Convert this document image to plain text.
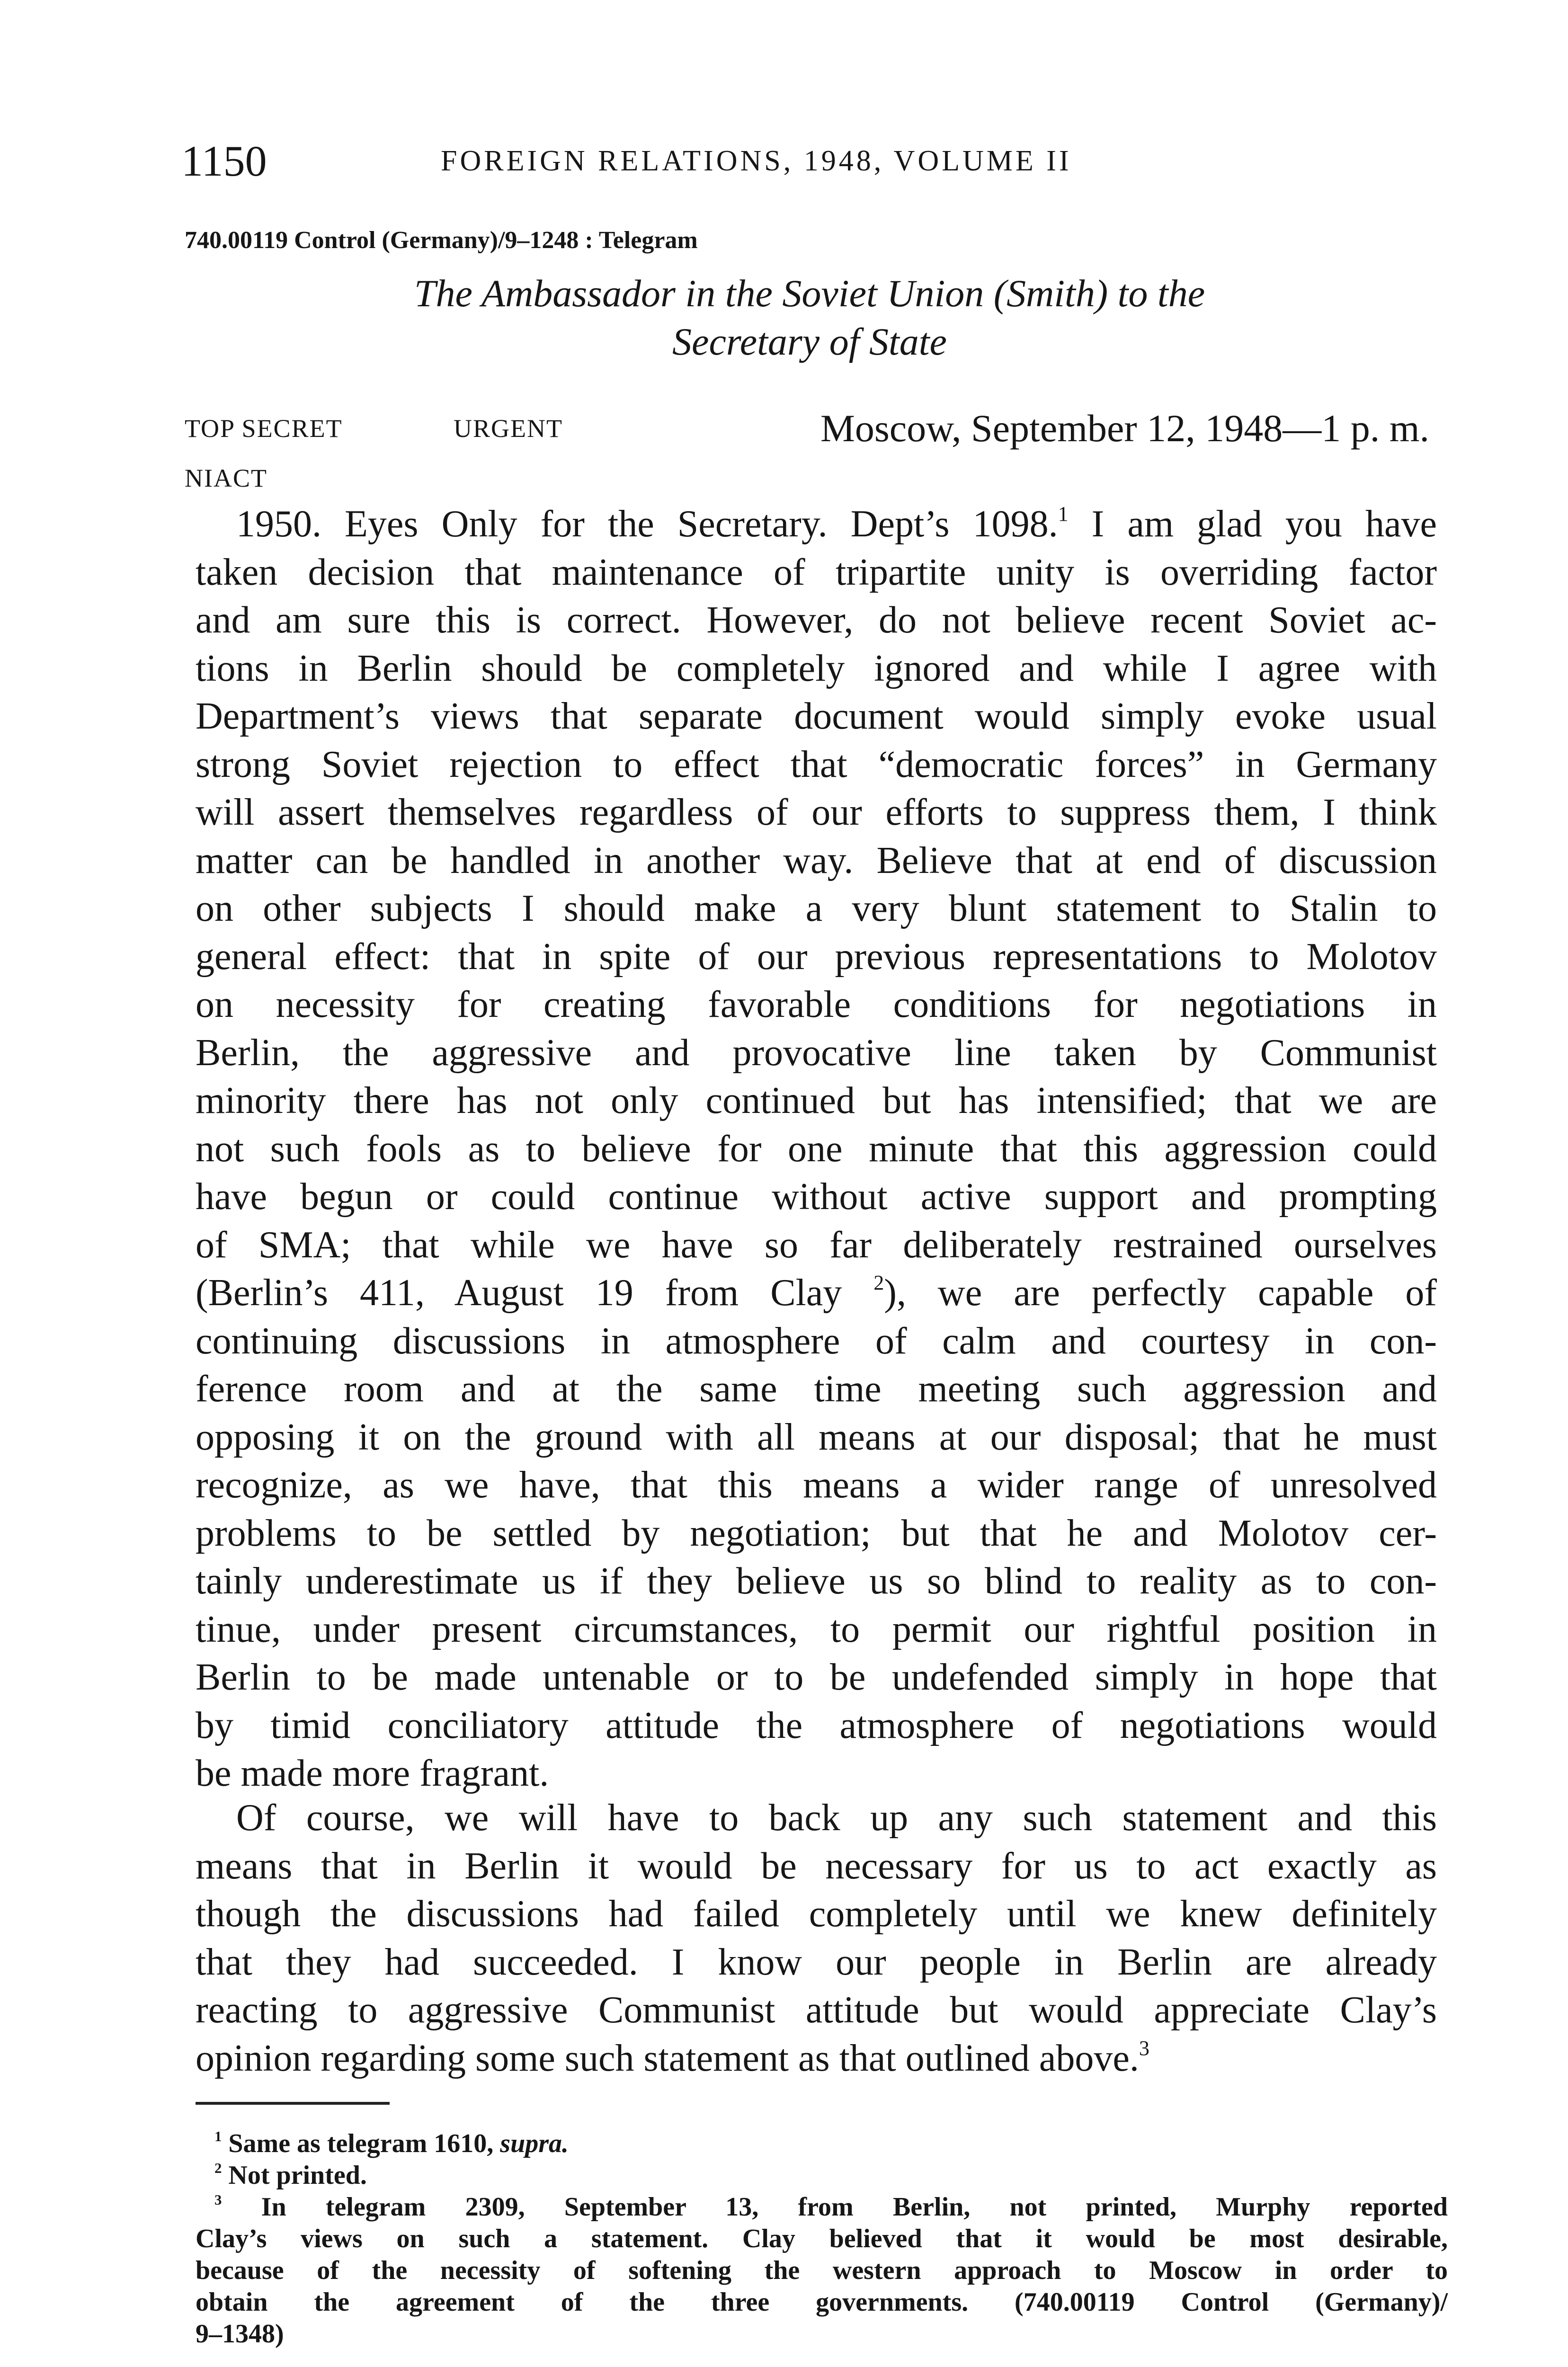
1150	FOREIGN RELATIONS, 1948, VOLUME II
740.00119 Control (Germany)/9–1248 : Telegram
The Ambassador in the Soviet Union (Smith) to the
Secretary of State
TOP SECRET	URGENT
NIACT
Moscow, September 12, 1948—1 p. m.
1950. Eyes Only for the Secretary. Dept’s 1098.$^1$ I am glad you have
taken decision that maintenance of tripartite unity is overriding factor
and am sure this is correct. However, do not believe recent Soviet ac-
tions in Berlin should be completely ignored and while I agree with
Department’s views that separate document would simply evoke usual
strong Soviet rejection to effect that “democratic forces” in Germany
will assert themselves regardless of our efforts to suppress them, I think
matter can be handled in another way. Believe that at end of discussion
on other subjects I should make a very blunt statement to Stalin to
general effect: that in spite of our previous representations to Molotov
on necessity for creating favorable conditions for negotiations in
Berlin, the aggressive and provocative line taken by Communist
minority there has not only continued but has intensified; that we are
not such fools as to believe for one minute that this aggression could
have begun or could continue without active support and prompting
of SMA; that while we have so far deliberately restrained ourselves
(Berlin’s 411, August 19 from Clay $^2$), we are perfectly capable of
continuing discussions in atmosphere of calm and courtesy in con-
ference room and at the same time meeting such aggression and
opposing it on the ground with all means at our disposal; that he must
recognize, as we have, that this means a wider range of unresolved
problems to be settled by negotiation; but that he and Molotov cer-
tainly underestimate us if they believe us so blind to reality as to con-
tinue, under present circumstances, to permit our rightful position in
Berlin to be made untenable or to be undefended simply in hope that
by timid conciliatory attitude the atmosphere of negotiations would
be made more fragrant.
Of course, we will have to back up any such statement and this
means that in Berlin it would be necessary for us to act exactly as
though the discussions had failed completely until we knew definitely
that they had succeeded. I know our people in Berlin are already
reacting to aggressive Communist attitude but would appreciate Clay’s
opinion regarding some such statement as that outlined above.$^3$
$^1$ Same as telegram 1610, supra.
$^2$ Not printed.
$^3$ In telegram 2309, September 13, from Berlin, not printed, Murphy reported
Clay’s views on such a statement. Clay believed that it would be most desirable,
because of the necessity of softening the western approach to Moscow in order to
obtain the agreement of the three governments. (740.00119 Control (Germany)/
9–1348)
